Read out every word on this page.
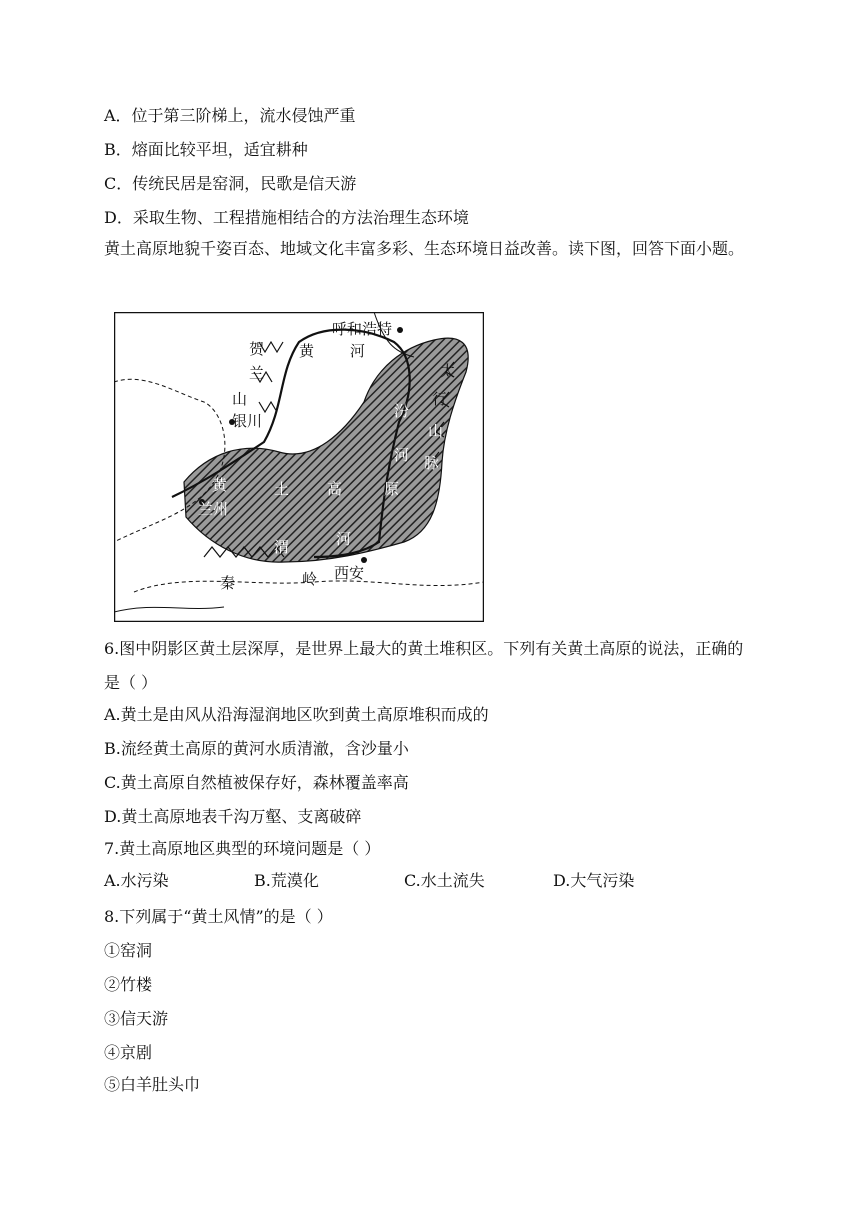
A．位于第三阶梯上，流水侵蚀严重
B．熔面比较平坦，适宜耕种
C．传统民居是窑洞，民歌是信天游
D．采取生物、工程措施相结合的方法治理生态环境
黄土高原地貌千姿百态、地域文化丰富多彩、生态环境日益改善。读下图，回答下面小题。
呼和浩特
贺
兰
山
银川
黄 河
太
行
山
脉
汾
河
黄	土	高	原
兰州
渭	河
秦	岭 西安
6.图中阴影区黄土层深厚，是世界上最大的黄土堆积区。下列有关黄土高原的说法，正确的是（ ）
A.黄土是由风从沿海湿润地区吹到黄土高原堆积而成的
B.流经黄土高原的黄河水质清澈，含沙量小
C.黄土高原自然植被保存好，森林覆盖率高
D.黄土高原地表千沟万壑、支离破碎
7.黄土高原地区典型的环境问题是（ ）
A.水污染	B.荒漠化	C.水土流失	D.大气污染
8.下列属于“黄土风情”的是（ ）
①窑洞
②竹楼
③信天游
④京剧
⑤白羊肚头巾
